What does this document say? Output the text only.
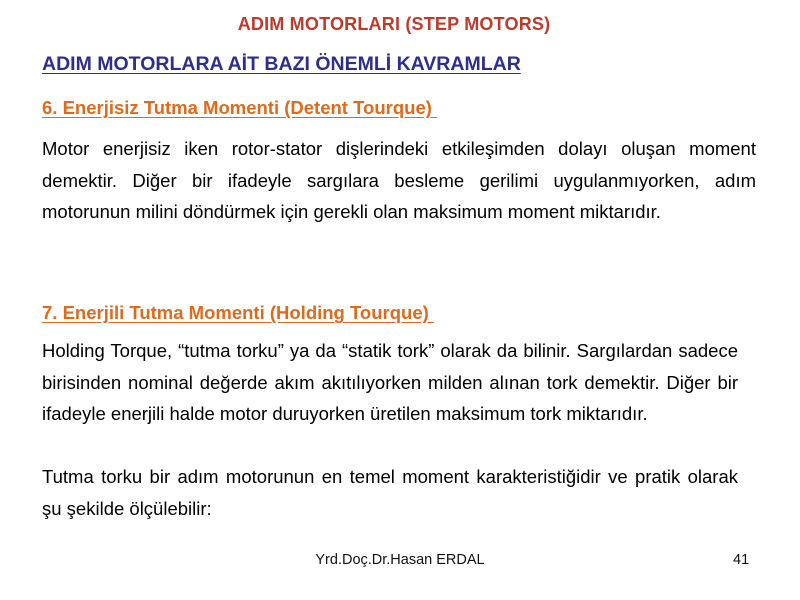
ADIM MOTORLARI (STEP MOTORS)
ADIM MOTORLARA AİT BAZI ÖNEMLİ KAVRAMLAR
6. Enerjisiz Tutma Momenti (Detent Tourque)
Motor enerjisiz iken rotor-stator dişlerindeki etkileşimden dolayı oluşan moment demektir. Diğer bir ifadeyle sargılara besleme gerilimi uygulanmıyorken, adım motorunun milini döndürmek için gerekli olan maksimum moment miktarıdır.
7. Enerjili Tutma Momenti (Holding Tourque)
Holding Torque, “tutma torku” ya da “statik tork” olarak da bilinir. Sargılardan sadece birisinden nominal değerde akım akıtılıyorken milden alınan tork demektir. Diğer bir ifadeyle enerjili halde motor duruyorken üretilen maksimum tork miktarıdır.
Tutma torku bir adım motorunun en temel moment karakteristiğidir ve pratik olarak şu şekilde ölçülebilir:
Yrd.Doç.Dr.Hasan ERDAL	41
